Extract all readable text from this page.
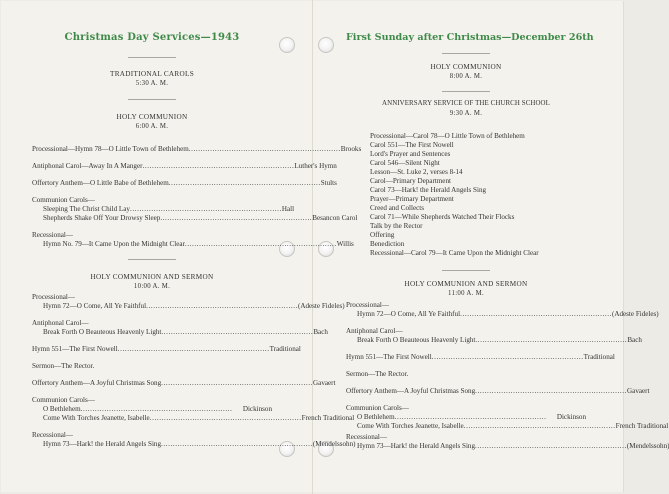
Christmas Day Services—1943
TRADITIONAL CAROLS
5:30 A. M.
HOLY COMMUNION
6:00 A. M.
Processional—Hymn 78—O Little Town of Bethlehem ................................................................ Brooks
Antiphonal Carol—Away In A Manger ................................................................ Luther's Hymn
Offertory Anthem—O Little Babe of Bethlehem ................................................................ Stults
Communion Carols—
Sleeping The Christ Child Lay ................................................................ Hall
Shepherds Shake Off Your Drowsy Sleep ................................................................ Besancon Carol
Recessional—
Hymn No. 79—It Came Upon the Midnight Clear ................................................................ Willis
HOLY COMMUNION AND SERMON
10:00 A. M.
Processional—
Hymn 72—O Come, All Ye Faithful ................................................................ (Adeste Fideles)
Antiphonal Carol—
Break Forth O Beauteous Heavenly Light ................................................................ Bach
Hymn 551—The First Nowell ................................................................ Traditional
Sermon—The Rector.
Offertory Anthem—A Joyful Christmas Song ................................................................ Gavaert
Communion Carols—
O Bethlehem ................................................................	Dickinson
Come With Torches Jeanette, Isabelle ................................................................ French Traditional
Recessional—
Hymn 73—Hark! the Herald Angels Sing ................................................................ (Mendelssohn)
First Sunday after Christmas—December 26th
HOLY COMMUNION
8:00 A. M.
ANNIVERSARY SERVICE OF THE CHURCH SCHOOL
9:30 A. M.
Processional—Carol 78—O Little Town of Bethlehem
Carol 551—The First Nowell
Lord's Prayer and Sentences
Carol 546—Silent Night
Lesson—St. Luke 2, verses 8-14
Carol—Primary Department
Carol 73—Hark! the Herald Angels Sing
Prayer—Primary Department
Creed and Collects
Carol 71—While Shepherds Watched Their Flocks
Talk by the Rector
Offering
Benediction
Recessional—Carol 79—It Came Upon the Midnight Clear
HOLY COMMUNION AND SERMON
11:00 A. M.
Processional—
Hymn 72—O Come, All Ye Faithful ................................................................ (Adeste Fideles)
Antiphonal Carol—
Break Forth O Beauteous Heavenly Light ................................................................ Bach
Hymn 551—The First Nowell ................................................................ Traditional
Sermon—The Rector.
Offertory Anthem—A Joyful Christmas Song ................................................................ Gavaert
Communion Carols—
O Bethlehem ................................................................	Dickinson
Come With Torches Jeanette, Isabelle ................................................................ French Traditional
Recessional—
Hymn 73—Hark! the Herald Angels Sing ................................................................ (Mendelssohn)
